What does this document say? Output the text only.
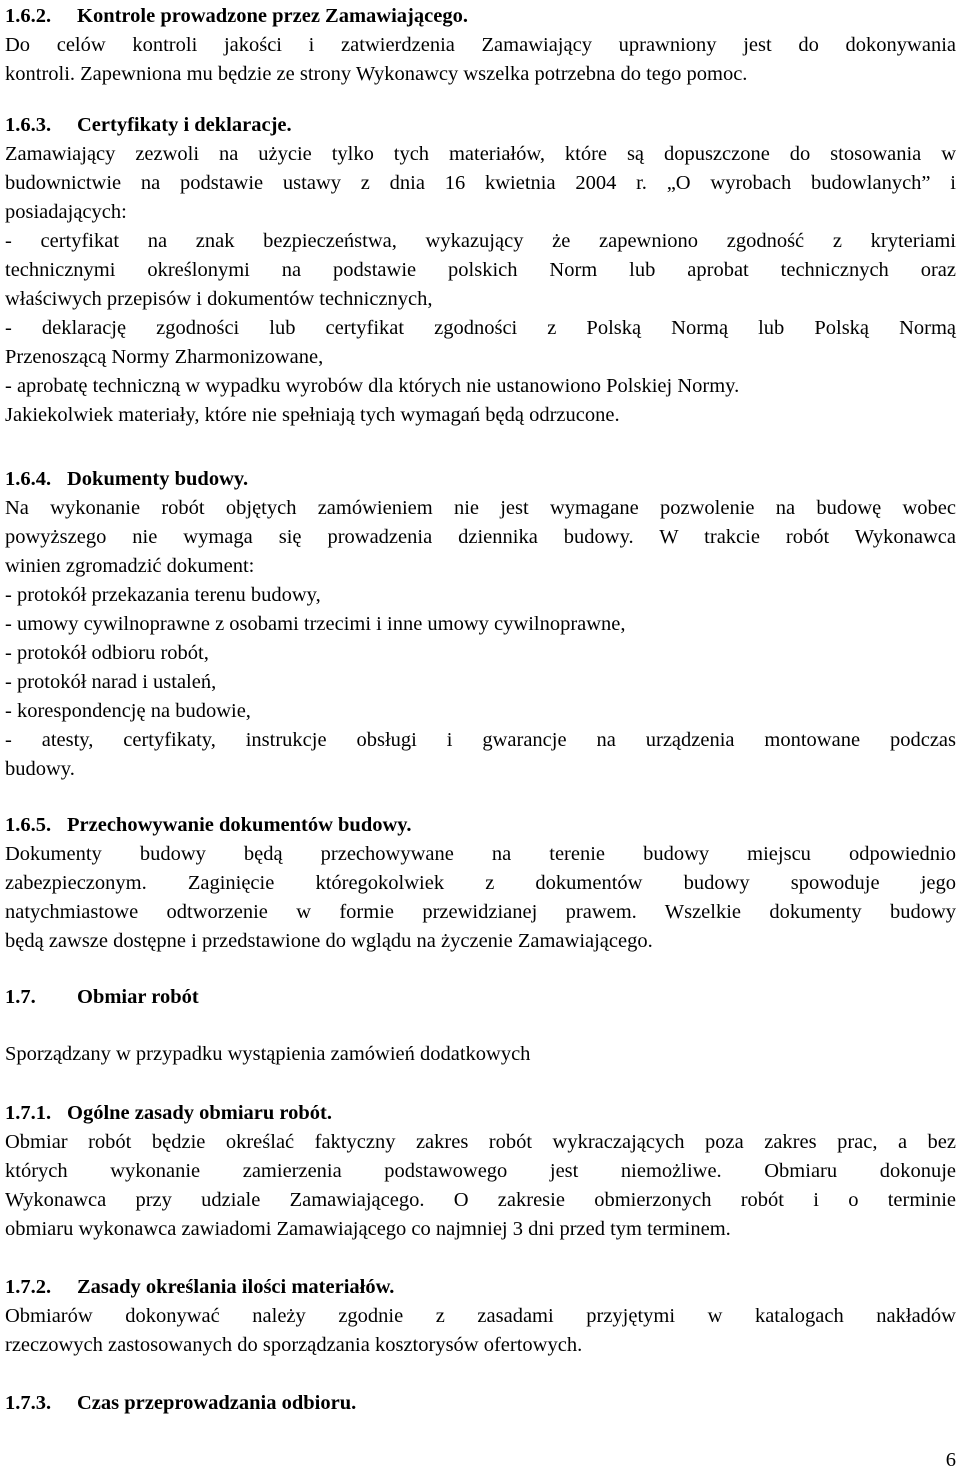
1.6.2. Kontrole prowadzone przez Zamawiającego.
Do celów kontroli jakości i zatwierdzenia Zamawiający uprawniony jest do dokonywania
kontroli. Zapewniona mu będzie ze strony Wykonawcy wszelka potrzebna do tego pomoc.
1.6.3. Certyfikaty i deklaracje.
Zamawiający zezwoli na użycie tylko tych materiałów, które są dopuszczone do stosowania w
budownictwie na podstawie ustawy z dnia 16 kwietnia 2004 r. „O wyrobach budowlanych” i
posiadających:
- certyfikat na znak bezpieczeństwa, wykazujący że zapewniono zgodność z kryteriami
technicznymi określonymi na podstawie polskich Norm lub aprobat technicznych oraz
właściwych przepisów i dokumentów technicznych,
- deklarację zgodności lub certyfikat zgodności z Polską Normą lub Polską Normą
Przenoszącą Normy Zharmonizowane,
- aprobatę techniczną w wypadku wyrobów dla których nie ustanowiono Polskiej Normy.
Jakiekolwiek materiały, które nie spełniają tych wymagań będą odrzucone.
1.6.4. Dokumenty budowy.
Na wykonanie robót objętych zamówieniem nie jest wymagane pozwolenie na budowę wobec
powyższego nie wymaga się prowadzenia dziennika budowy. W trakcie robót Wykonawca
winien zgromadzić dokument:
- protokół przekazania terenu budowy,
- umowy cywilnoprawne z osobami trzecimi i inne umowy cywilnoprawne,
- protokół odbioru robót,
- protokół narad i ustaleń,
- korespondencję na budowie,
- atesty, certyfikaty, instrukcje obsługi i gwarancje na urządzenia montowane podczas
budowy.
1.6.5. Przechowywanie dokumentów budowy.
Dokumenty budowy będą przechowywane na terenie budowy miejscu odpowiednio
zabezpieczonym. Zaginięcie któregokolwiek z dokumentów budowy spowoduje jego
natychmiastowe odtworzenie w formie przewidzianej prawem. Wszelkie dokumenty budowy
będą zawsze dostępne i przedstawione do wglądu na życzenie Zamawiającego.
1.7. Obmiar robót
Sporządzany w przypadku wystąpienia zamówień dodatkowych
1.7.1. Ogólne zasady obmiaru robót.
Obmiar robót będzie określać faktyczny zakres robót wykraczających poza zakres prac, a bez
których wykonanie zamierzenia podstawowego jest niemożliwe. Obmiaru dokonuje
Wykonawca przy udziale Zamawiającego. O zakresie obmierzonych robót i o terminie
obmiaru wykonawca zawiadomi Zamawiającego co najmniej 3 dni przed tym terminem.
1.7.2. Zasady określania ilości materiałów.
Obmiarów dokonywać należy zgodnie z zasadami przyjętymi w katalogach nakładów
rzeczowych zastosowanych do sporządzania kosztorysów ofertowych.
1.7.3. Czas przeprowadzania odbioru.
6
